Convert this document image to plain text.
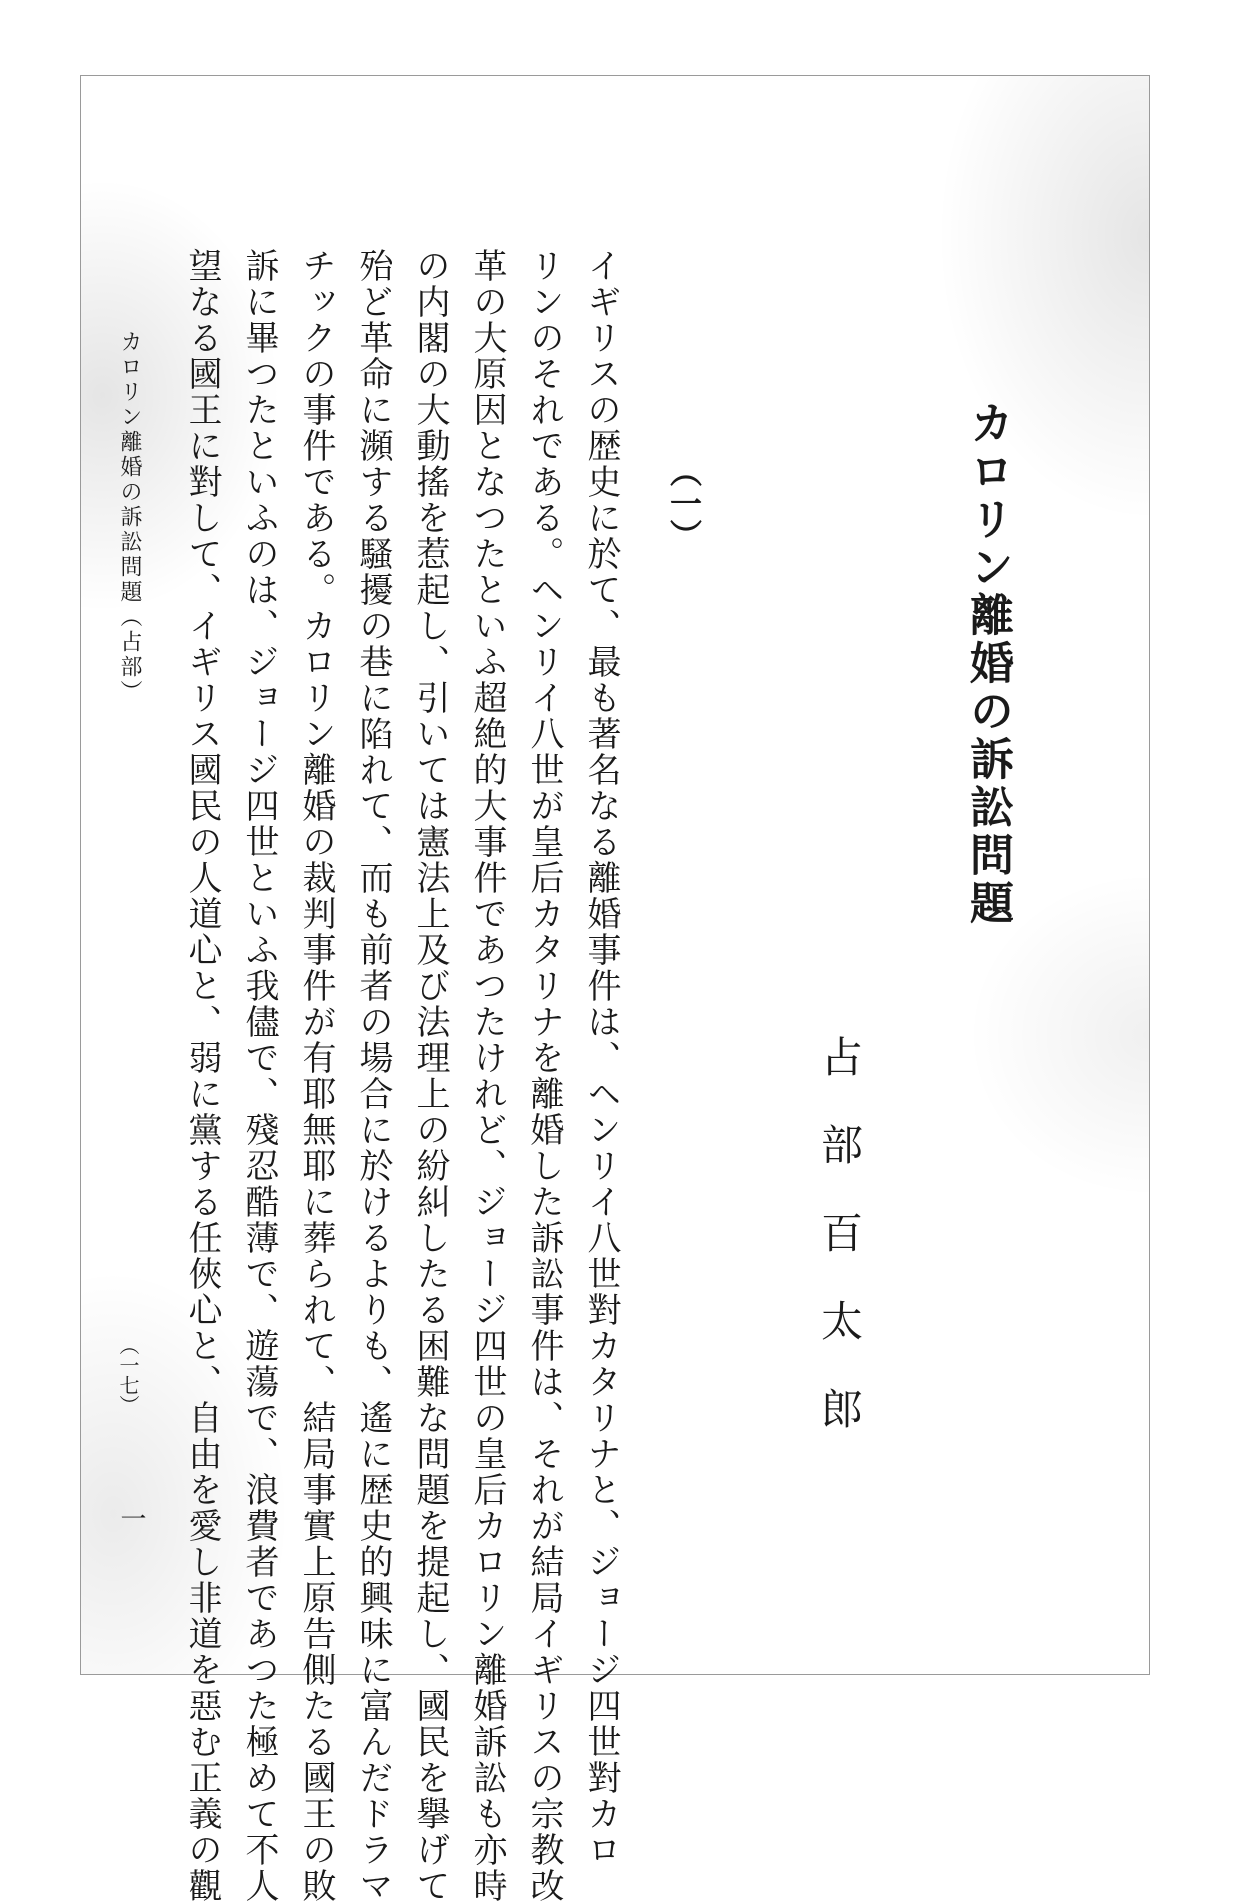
カロリン離婚の訴訟問題
占部百太郎
（一）
イギリスの歴史に於て、最も著名なる離婚事件は、ヘンリイ八世對カタリナと、ジョージ四世對カロ
リンのそれである。ヘンリイ八世が皇后カタリナを離婚した訴訟事件は、それが結局イギリスの宗教改
革の大原因となつたといふ超絶的大事件であつたけれど、ジョージ四世の皇后カロリン離婚訴訟も亦時
の内閣の大動搖を惹起し、引いては憲法上及び法理上の紛糾したる困難な問題を提起し、國民を擧げて
殆ど革命に瀕する騷擾の巷に陷れて、而も前者の場合に於けるよりも、遙に歴史的興味に富んだドラマ
チックの事件である。カロリン離婚の裁判事件が有耶無耶に葬られて、結局事實上原告側たる國王の敗
訴に畢つたといふのは、ジョージ四世といふ我儘で、殘忍酷薄で、遊蕩で、浪費者であつた極めて不人
望なる國王に對して、イギリス國民の人道心と、弱に黨する任俠心と、自由を愛し非道を惡む正義の觀
カロリン離婚の訴訟問題（占部）
（一七）
一
